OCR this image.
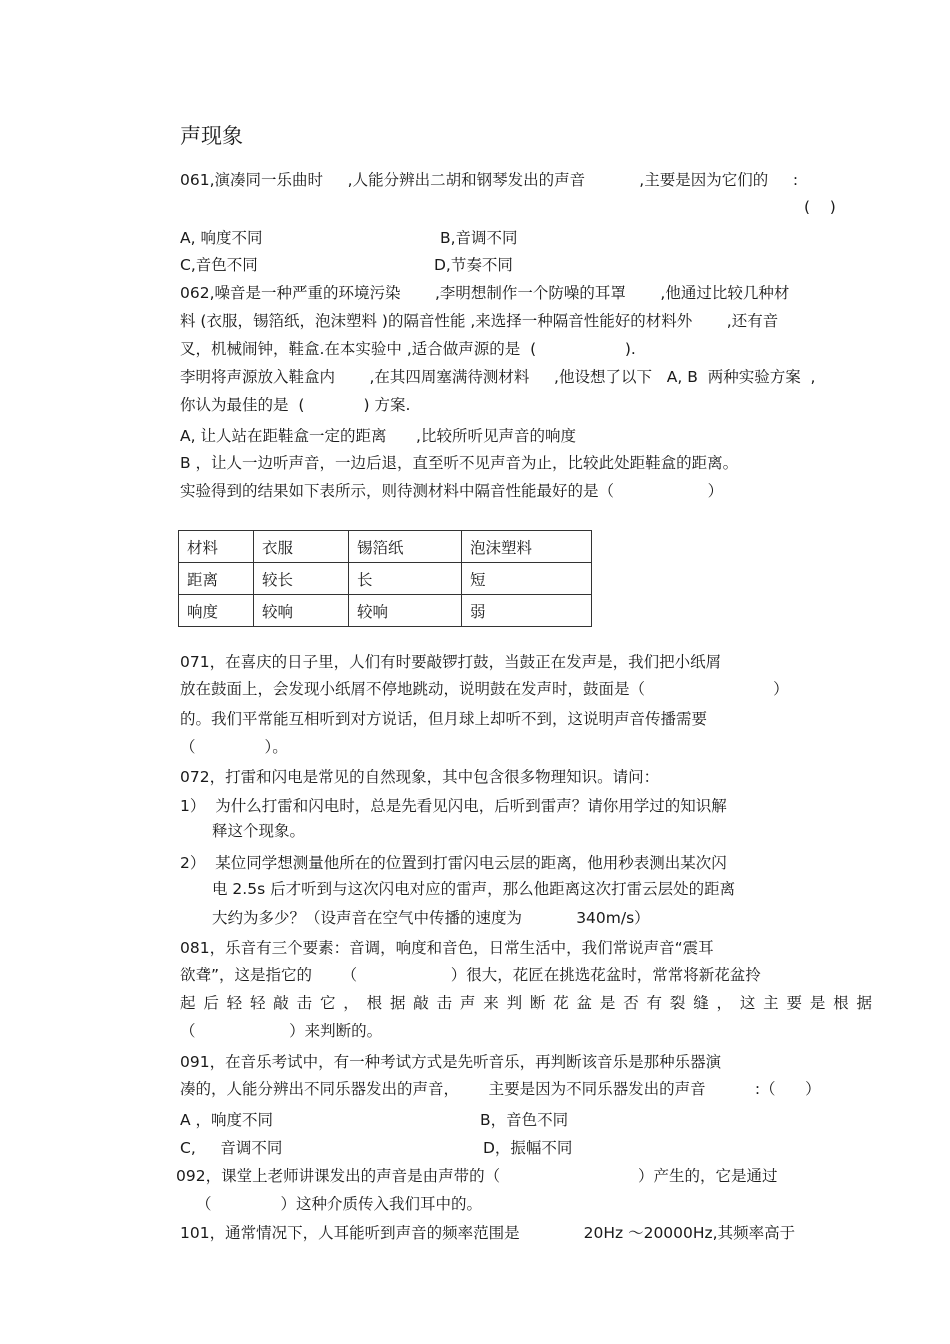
声现象
061,演凑同一乐曲时     ,人能分辨出二胡和钢琴发出的声音           ,主要是因为它们的     :
(    )
A, 响度不同	B,音调不同
C,音色不同	D,节奏不同
062,噪音是一种严重的环境污染       ,李明想制作一个防噪的耳罩       ,他通过比较几种材
料 (衣服，锡箔纸，泡沫塑料 )的隔音性能 ,来选择一种隔音性能好的材料外       ,还有音
叉，机械闹钟，鞋盒.在本实验中 ,适合做声源的是  (                  ).
李明将声源放入鞋盒内       ,在其四周塞满待测材料     ,他设想了以下   A, B  两种实验方案  ,
你认为最佳的是  (            ) 方案.
A, 让人站在距鞋盒一定的距离      ,比较所听见声音的响度
B ，让人一边听声音，一边后退，直至听不见声音为止，比较此处距鞋盒的距离。
实验得到的结果如下表所示，则待测材料中隔音性能最好的是（                   ）
材料	衣服	锡箔纸	泡沫塑料
距离	较长	长	短
响度	较响	较响	弱
071，在喜庆的日子里，人们有时要敲锣打鼓，当鼓正在发声是，我们把小纸屑
放在鼓面上，会发现小纸屑不停地跳动，说明鼓在发声时，鼓面是（                          ）
的。我们平常能互相听到对方说话，但月球上却听不到，这说明声音传播需要
（              ）。
072，打雷和闪电是常见的自然现象，其中包含很多物理知识。请问：
1）  为什么打雷和闪电时，总是先看见闪电，后听到雷声？请你用学过的知识解
释这个现象。
2）  某位同学想测量他所在的位置到打雷闪电云层的距离，他用秒表测出某次闪
电 2.5s 后才听到与这次闪电对应的雷声，那么他距离这次打雷云层处的距离
大约为多少？（设声音在空气中传播的速度为           340m/s）
081，乐音有三个要素：音调，响度和音色，日常生活中，我们常说声音“震耳
欲聋”，这是指它的      （                   ）很大，花匠在挑选花盆时，常常将新花盆拎
起后轻轻敲击它，根据敲击声来判断花盆是否有裂缝，这主要是根据
（                   ）来判断的。
091，在音乐考试中，有一种考试方式是先听音乐，再判断该音乐是那种乐器演
凑的，人能分辨出不同乐器发出的声音，      主要是因为不同乐器发出的声音          :（      ）
A ，响度不同	B，音色不同
C,     音调不同	D，振幅不同
092，课堂上老师讲课发出的声音是由声带的（                            ）产生的，它是通过
（              ）这种介质传入我们耳中的。
101，通常情况下，人耳能听到声音的频率范围是             20Hz ～20000Hz,其频率高于
